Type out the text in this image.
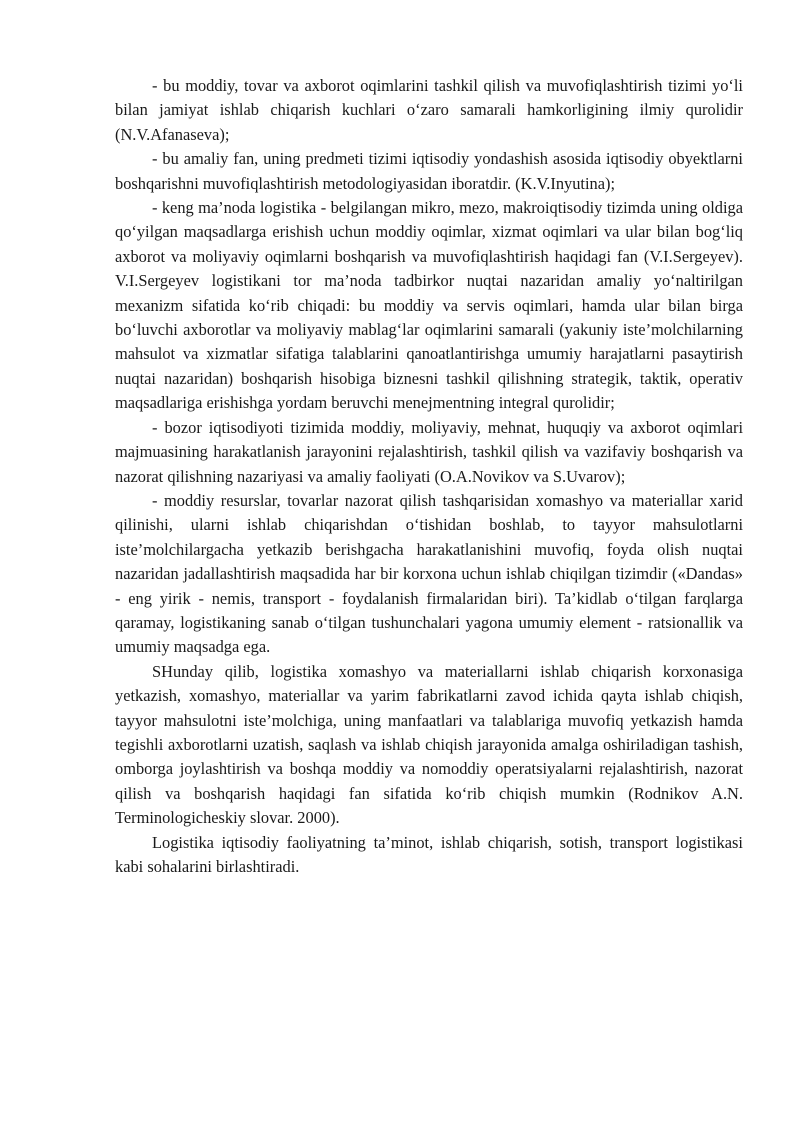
- bu moddiy, tovar va axborot oqimlarini tashkil qilish va muvofiqlashtirish tizimi yo‘li bilan jamiyat ishlab chiqarish kuchlari o‘zaro samarali hamkorligining ilmiy qurolidir (N.V.Afanaseva);

- bu amaliy fan, uning predmeti tizimi iqtisodiy yondashish asosida iqtisodiy obyektlarni boshqarishni muvofiqlashtirish metodologiyasidan iboratdir. (K.V.Inyutina);

- keng ma’noda logistika - belgilangan mikro, mezo, makroiqtisodiy tizimda uning oldiga qo‘yilgan maqsadlarga erishish uchun moddiy oqimlar, xizmat oqimlari va ular bilan bog‘liq axborot va moliyaviy oqimlarni boshqarish va muvofiqlashtirish haqidagi fan (V.I.Sergeyev). V.I.Sergeyev logistikani tor ma’noda tadbirkor nuqtai nazaridan amaliy yo‘naltirilgan mexanizm sifatida ko‘rib chiqadi: bu moddiy va servis oqimlari, hamda ular bilan birga bo‘luvchi axborotlar va moliyaviy mablag‘lar oqimlarini samarali (yakuniy iste’molchilarning mahsulot va xizmatlar sifatiga talablarini qanoatlantirishga umumiy harajatlarni pasaytirish nuqtai nazaridan) boshqarish hisobiga biznesni tashkil qilishning strategik, taktik, operativ maqsadlariga erishishga yordam beruvchi menejmentning integral qurolidir;

- bozor iqtisodiyoti tizimida moddiy, moliyaviy, mehnat, huquqiy va axborot oqimlari majmuasining harakatlanish jarayonini rejalashtirish, tashkil qilish va vazifaviy boshqarish va nazorat qilishning nazariyasi va amaliy faoliyati (O.A.Novikov va S.Uvarov);

- moddiy resurslar, tovarlar nazorat qilish tashqarisidan xomashyo va materiallar xarid qilinishi, ularni ishlab chiqarishdan o‘tishidan boshlab, to tayyor mahsulotlarni iste’molchilargacha yetkazib berishgacha harakatlanishini muvofiq, foyda olish nuqtai nazaridan jadallashtirish maqsadida har bir korxona uchun ishlab chiqilgan tizimdir («Dandas» - eng yirik - nemis, transport - foydalanish firmalaridan biri). Ta’kidlab o‘tilgan farqlarga qaramay, logistikaning sanab o‘tilgan tushunchalari yagona umumiy element - ratsionallik va umumiy maqsadga ega.

SHunday qilib, logistika xomashyo va materiallarni ishlab chiqarish korxonasiga yetkazish, xomashyo, materiallar va yarim fabrikatlarni zavod ichida qayta ishlab chiqish, tayyor mahsulotni iste’molchiga, uning manfaatlari va talablariga muvofiq yetkazish hamda tegishli axborotlarni uzatish, saqlash va ishlab chiqish jarayonida amalga oshiriladigan tashish, omborga joylashtirish va boshqa moddiy va nomoddiy operatsiyalarni rejalashtirish, nazorat qilish va boshqarish haqidagi fan sifatida ko‘rib chiqish mumkin (Rodnikov A.N. Terminologicheskiy slovar. 2000).

Logistika iqtisodiy faoliyatning ta’minot, ishlab chiqarish, sotish, transport logistikasi kabi sohalarini birlashtiradi.
